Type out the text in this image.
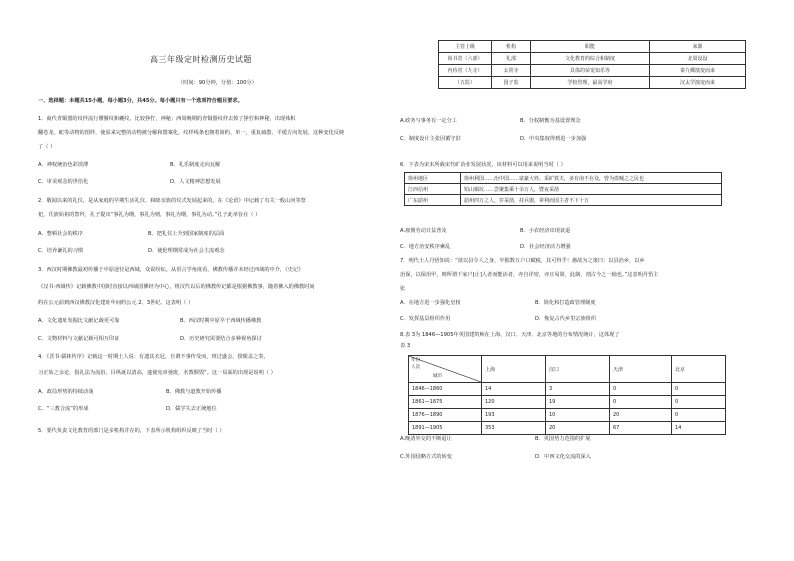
高三年级定时检测历史试题
（时间：90分钟，分值：100分）
一、选择题：本题共15小题，每小题3分，共45分。每小题只有一个选项符合题目要求。
1．商代青铜器的纹样流行饕餮纹和夔纹，比较狰狞，神秘；西周晚期的青铜器纹样去掉了狰狞和神秘，出现体积
翻卷龙、蛇等动物的图样，使原来完整的动物被分解和图案化，纹样线条也朝着简约、单一，重复疏散、平缓方向发展，这种变化反映
了（ ）
A．神权统治色彩淡薄	B．礼乐制度走向瓦解
C．审美观念的世俗化	D．人文精神思想发展
2．敬闻以来的礼仪，是从家庭的早期生活礼仪、和睦亲族的仪式发展起来的。在《论语》中记载了有关一般山河等祭
祀，氏族始祖的祭拜，孔子提出“事礼为纲，事礼为则，事礼为纲，事礼为动。”孔子此举旨在（ ）
A．整顿社会的秩序	B．把礼仪上升到国家制度的层面
C．培养谦礼的习惯	D．使伦理纲常成为社会主流观念
3．西汉时期佛教最初传播于中原途径是西域，众说纷纭。从语言学角度看，佛教传播并未经过西域的中介，《史记》
《汉书·西域传》记载佛教中国时直接以西域国佛经为中心，将汉代以后的佛教传记都是根据佛教事，随着佛入的佛教时间
约在公元前到西汉佛教汉化建址年间约公元 2、3世纪。这表明（ ）
A．文化遗址发掘比文献记载更可靠	B．西汉时期中原早于西域传播佛教
C．文物材料与文献记载可相互印证	D．历史研究需要结合多种视角探讨
4．《晋书·儒林传序》记载这一时期士人说：有遗其衣冠，自谓不事传受而，班过盛会，揆眼盖之奏，
习正始之余论，指礼法为流俗，目纵诞以清高，遂使宪章弛废，名教颓毁”。这一局面的出现是说明（ ）
A．政局形势的持续动荡	B．佛教与道教开始传播
C．“三教合流”的形成	D．儒学失去正统地位
5．要代负责文化教育的部门是多机构并存的，下表所示机构组织反映了当时（ ）
主管上级	机构	职能	来源
尚书省（六部）	礼部	文化教育的综合和制度	北周设设
内侍省（九寺）	太常寺	具体的荣宠知乐等	秦九卿演变而来
（五监）	国子监	学校管理，最高学府	汉太学演变而来
A.政务与事务有一定分工	B．分权制衡为基设置理念
C．制度设计主张因循守旧	D．中央集权得到进一步加强
6．下表为宋末所载宋代矿冶业发展状况，该材料可以用来说明当时（ ）
徐州地区	徐州利国……治中国……富豪大姓、采矿铁夫，多有南不在众，曾为盗贼之之民也
江西信州	铅山铜坑……尝聚集乘十余万人，暨夜采凿
广东韶州	韶州四万之人，岁采凿，持兵器，辈利而国主者不下十万
A.雇佣劳动日益普及	B．小农经济出现衰退
C．地方治安秩序紊乱	D．社会经济活力增强
7．明代士人丹悟知说：“欲以县令人之身，牢握数万户口赋税，其可得乎！愚故为之策曰：以县治乡，以乡
治保，以保治甲，则所谓千家户[止]人者而能活者，亦自详密，亦且易简，此制，剖古今之一轴也。”这表明丹悟主
张
A．在地方进一步强化皇权	B．简化和打造政管理制度
C．发挥基层组织作用	D．恢复占代乡里宗族组织
8.表 3为 1846—1905年英国建筑师在上海、汉口、天津、北京等地的分布情况统计，这体现了
表 3
年份
人次
城市	上海	汉口	天津	北京
1846—1860	14	3	0	0
1861—1875	120	19	0	0
1876—1890	193	10	20	0
1891—1905	353	20	67	14
A.晚清外交的不断退让	B．英国势力范围的扩展
C.外国侵略方式的转变	D．中西文化交流的深入
